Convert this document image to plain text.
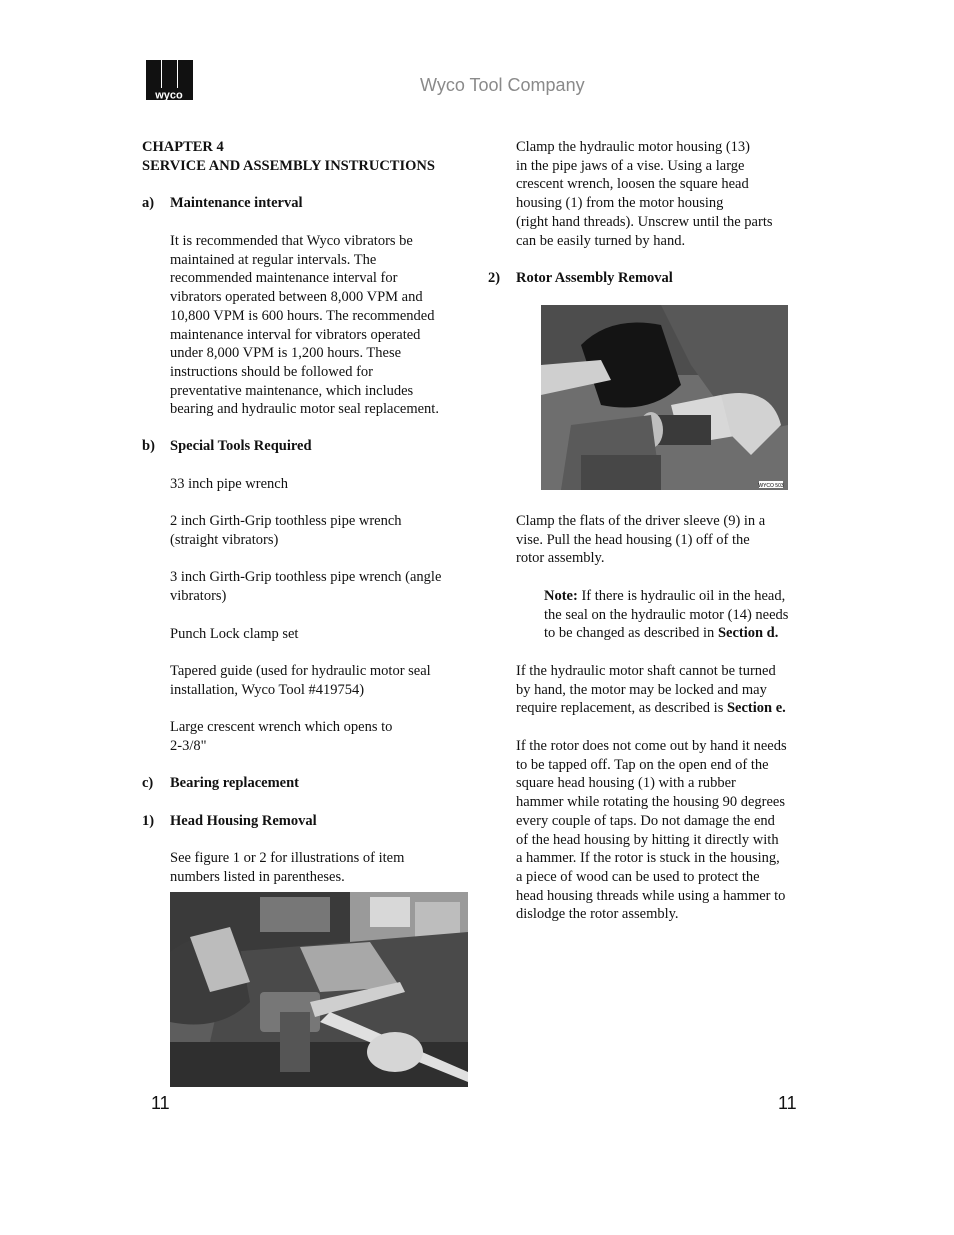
wyco
Wyco Tool Company
CHAPTER 4
SERVICE AND ASSEMBLY INSTRUCTIONS
a) Maintenance interval

It is recommended that Wyco vibrators be

maintained at regular intervals. The

recommended maintenance interval for

vibrators operated between 8,000 VPM and

10,800 VPM is 600 hours. The recommended

maintenance interval for vibrators operated

under 8,000 VPM is 1,200 hours. These

instructions should be followed for

preventative maintenance, which includes

bearing and hydraulic motor seal replacement.

b) Special Tools Required
33 inch pipe wrench

2 inch Girth-Grip toothless pipe wrench

(straight vibrators)

3 inch Girth-Grip toothless pipe wrench (angle

vibrators)

Punch Lock clamp set

Tapered guide (used for hydraulic motor seal

installation, Wyco Tool #419754)

Large crescent wrench which opens to

2-3/8"

c) Bearing replacement
1) Head Housing Removal

See figure 1 or 2 for illustrations of item

numbers listed in parentheses.

Clamp the hydraulic motor housing (13)

in the pipe jaws of a vise. Using a large

crescent wrench, loosen the square head

housing (1) from the motor housing

(right hand threads). Unscrew until the parts

can be easily turned by hand.

2) Rotor Assembly Removal
WYCO 503

Clamp the flats of the driver sleeve (9) in a

vise. Pull the head housing (1) off of the

rotor assembly.

Note: If there is hydraulic oil in the head,

the seal on the hydraulic motor (14) needs

to be changed as described in Section d.

If the hydraulic motor shaft cannot be turned

by hand, the motor may be locked and may

require replacement, as described is Section e.

If the rotor does not come out by hand it needs

to be tapped off. Tap on the open end of the

square head housing (1) with a rubber

hammer while rotating the housing 90 degrees

every couple of taps. Do not damage the end

of the head housing by hitting it directly with

a hammer. If the rotor is stuck in the housing,

a piece of wood can be used to protect the

head housing threads while using a hammer to

dislodge the rotor assembly.

11	11
